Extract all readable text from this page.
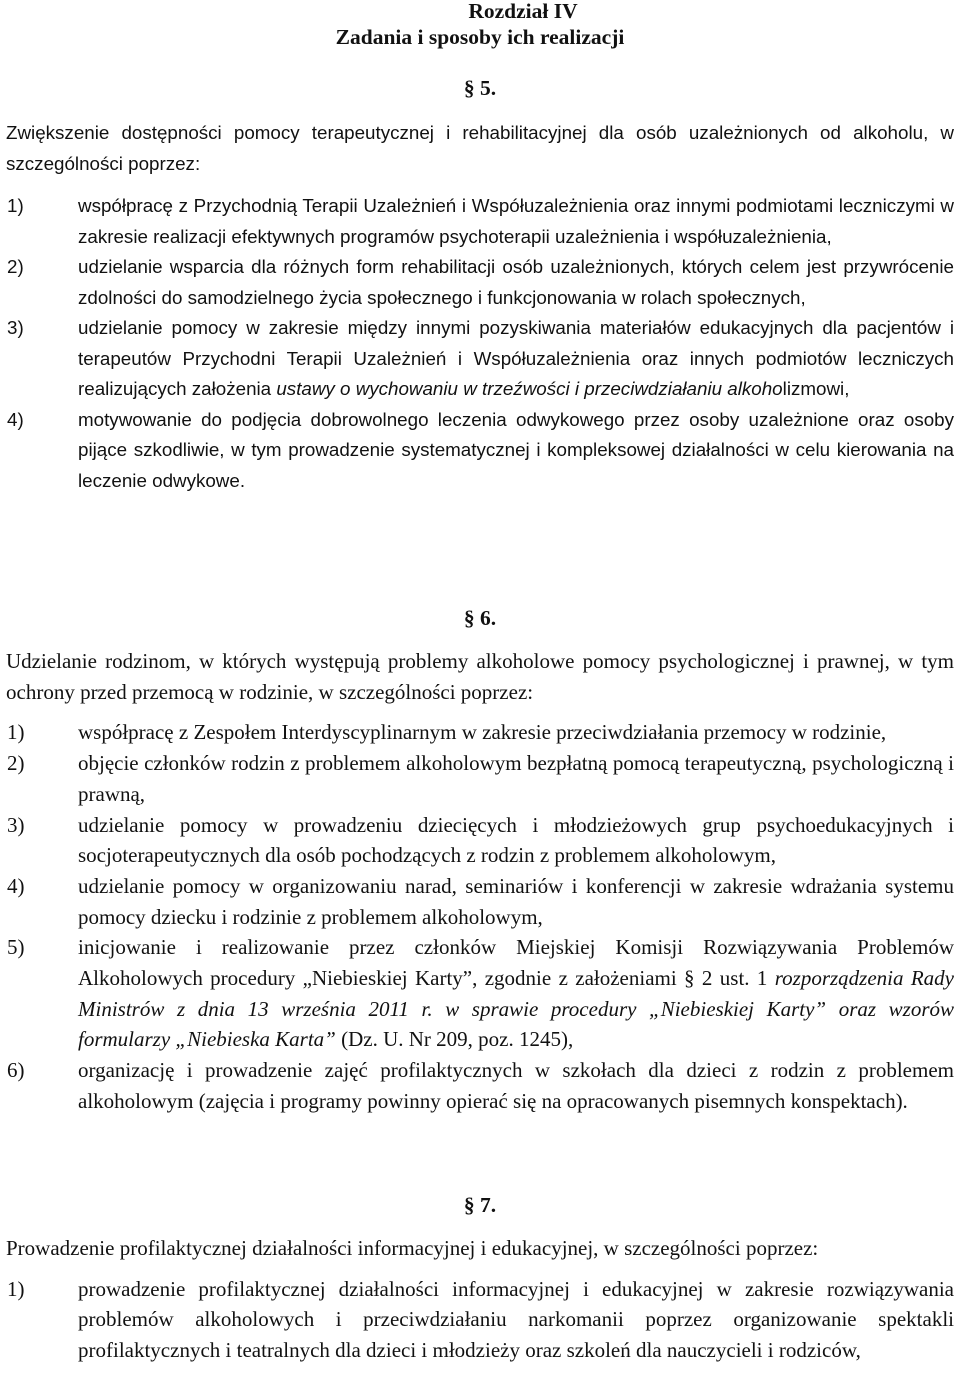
Rozdział IV
Zadania i sposoby ich realizacji
§ 5.

Zwiększenie dostępności pomocy terapeutycznej i rehabilitacyjnej dla osób uzależnionych od alkoholu, w szczególności poprzez:

1)	współpracę z Przychodnią Terapii Uzależnień i Współuzależnienia oraz innymi podmiotami leczniczymi w zakresie realizacji efektywnych programów psychoterapii uzależnienia i współuzależnienia,
2)	udzielanie wsparcia dla różnych form rehabilitacji osób uzależnionych, których celem jest przywrócenie zdolności do samodzielnego życia społecznego i funkcjonowania w rolach społecznych,
3)	udzielanie pomocy w zakresie między innymi pozyskiwania materiałów edukacyjnych dla pacjentów i terapeutów Przychodni Terapii Uzależnień i Współuzależnienia oraz innych podmiotów leczniczych realizujących założenia ustawy o wychowaniu w trzeźwości i przeciwdziałaniu alkoholizmowi,
4)	motywowanie do podjęcia dobrowolnego leczenia odwykowego przez osoby uzależnione oraz osoby pijące szkodliwie, w tym prowadzenie systematycznej i kompleksowej działalności w celu kierowania na leczenie odwykowe.
§ 6.

Udzielanie rodzinom, w których występują problemy alkoholowe pomocy psychologicznej i prawnej, w tym ochrony przed przemocą w rodzinie, w szczególności poprzez:

1)	współpracę z Zespołem Interdyscyplinarnym w zakresie przeciwdziałania przemocy w rodzinie,
2)	objęcie członków rodzin z problemem alkoholowym bezpłatną pomocą terapeutyczną, psychologiczną i prawną,
3)	udzielanie pomocy w prowadzeniu dziecięcych i młodzieżowych grup psychoedukacyjnych i socjoterapeutycznych dla osób pochodzących z rodzin z problemem alkoholowym,
4)	udzielanie pomocy w organizowaniu narad, seminariów i konferencji w zakresie wdrażania systemu pomocy dziecku i rodzinie z problemem alkoholowym,
5)	inicjowanie i realizowanie przez członków Miejskiej Komisji Rozwiązywania Problemów Alkoholowych procedury „Niebieskiej Karty”, zgodnie z założeniami § 2 ust. 1 rozporządzenia Rady Ministrów z dnia 13 września 2011 r. w sprawie procedury „Niebieskiej Karty” oraz wzorów formularzy „Niebieska Karta” (Dz. U. Nr 209, poz. 1245),
6)	organizację i prowadzenie zajęć profilaktycznych w szkołach dla dzieci z rodzin z problemem alkoholowym (zajęcia i programy powinny opierać się na opracowanych pisemnych konspektach).
§ 7.

Prowadzenie profilaktycznej działalności informacyjnej i edukacyjnej, w szczególności poprzez:

1)	prowadzenie profilaktycznej działalności informacyjnej i edukacyjnej w zakresie rozwiązywania problemów alkoholowych i przeciwdziałaniu narkomanii poprzez organizowanie spektakli profilaktycznych i teatralnych dla dzieci i młodzieży oraz szkoleń dla nauczycieli i rodziców,
